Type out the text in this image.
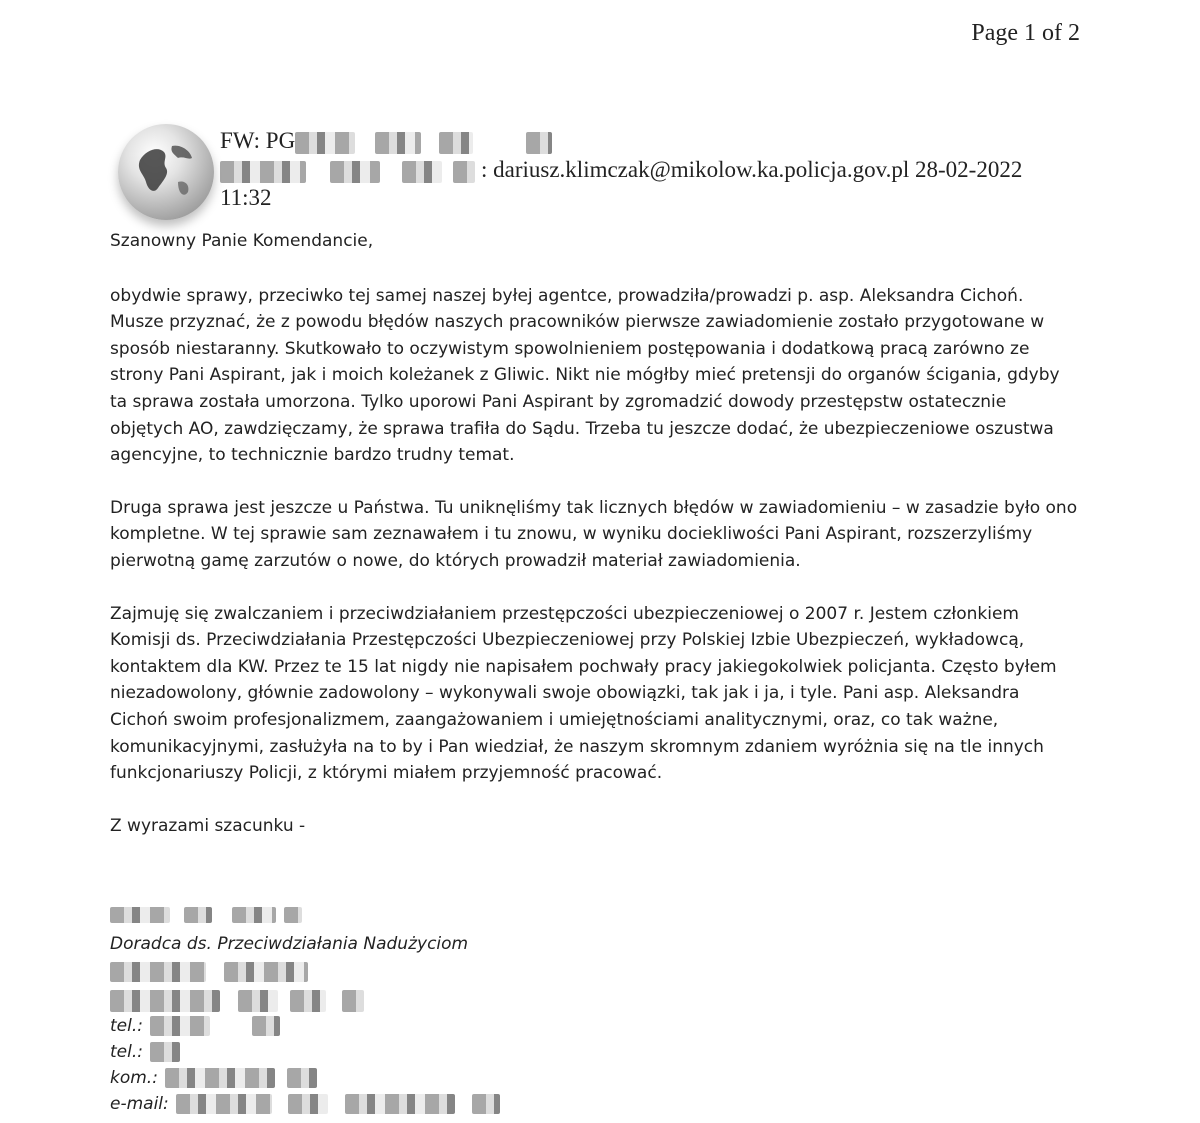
Page 1 of 2
FW: PG
: dariusz.klimczak@mikolow.ka.policja.gov.pl 28-02-2022
11:32

Szanowny Panie Komendancie,

obydwie sprawy, przeciwko tej samej naszej byłej agentce, prowadziła/prowadzi p. asp. Aleksandra Cichoń. Musze przyznać, że z powodu błędów naszych pracowników pierwsze zawiadomienie zostało przygotowane w sposób niestaranny. Skutkowało to oczywistym spowolnieniem postępowania i dodatkową pracą zarówno ze strony Pani Aspirant, jak i moich koleżanek z Gliwic. Nikt nie mógłby mieć pretensji do organów ścigania, gdyby ta sprawa została umorzona. Tylko uporowi Pani Aspirant by zgromadzić dowody przestępstw ostatecznie objętych AO, zawdzięczamy, że sprawa trafiła do Sądu. Trzeba tu jeszcze dodać, że ubezpieczeniowe oszustwa agencyjne, to technicznie bardzo trudny temat.

Druga sprawa jest jeszcze u Państwa. Tu uniknęliśmy tak licznych błędów w zawiadomieniu – w zasadzie było ono kompletne. W tej sprawie sam zeznawałem i tu znowu, w wyniku dociekliwości Pani Aspirant, rozszerzyliśmy pierwotną gamę zarzutów o nowe, do których prowadził materiał zawiadomienia.

Zajmuję się zwalczaniem i przeciwdziałaniem przestępczości ubezpieczeniowej o 2007 r. Jestem członkiem Komisji ds. Przeciwdziałania Przestępczości Ubezpieczeniowej przy Polskiej Izbie Ubezpieczeń, wykładowcą, kontaktem dla KW. Przez te 15 lat nigdy nie napisałem pochwały pracy jakiegokolwiek policjanta. Często byłem niezadowolony, głównie zadowolony – wykonywali swoje obowiązki, tak jak i ja, i tyle. Pani asp. Aleksandra Cichoń swoim profesjonalizmem, zaangażowaniem i umiejętnościami analitycznymi, oraz, co tak ważne, komunikacyjnymi, zasłużyła na to by i Pan wiedział, że naszym skromnym zdaniem wyróżnia się na tle innych funkcjonariuszy Policji, z którymi miałem przyjemność pracować.

Z wyrazami szacunku -

Doradca ds. Przeciwdziałania Nadużyciom

tel.:
tel.:
kom.:
e-mail:
